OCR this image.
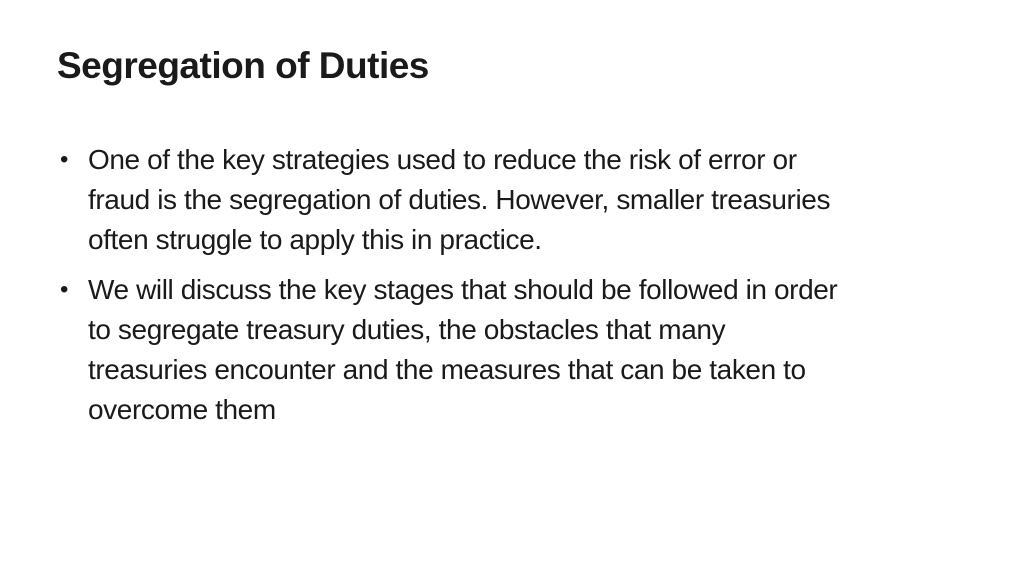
Segregation of Duties
• One of the key strategies used to reduce the risk of error or
fraud is the segregation of duties. However, smaller treasuries
often struggle to apply this in practice.
• We will discuss the key stages that should be followed in order
to segregate treasury duties, the obstacles that many
treasuries encounter and the measures that can be taken to
overcome them
